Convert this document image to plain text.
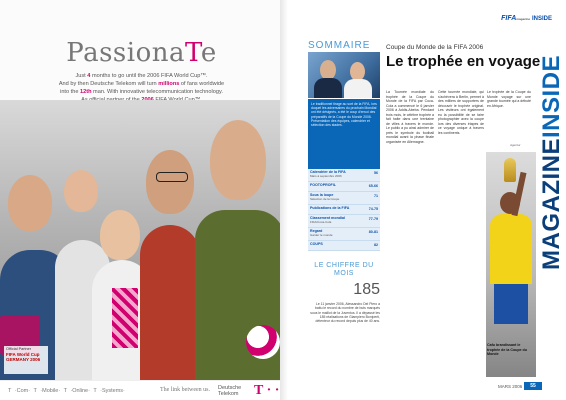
PassionaTe
Just 4 months to go until the 2006 FIFA World Cup™.
And by then Deutsche Telekom will turn millions of fans worldwide
into the 12th man. With innovative telecommunication technology.
Official Partner
FIFA World Cup GERMANY 2006
T ·Com· T ·Mobile· T ·Online· T ·Systems·	The link between us. Deutsche
Telekom T · ·
FIFAmagazine INSIDE
MAGAZINEINSIDE
SOMMAIRE
Le traditionnel tirage au sort de la FIFA, lors duquel les adversaires du prochain Mondial ont été désignés, a été le coup d'envoi des préparatifs de la Coupe du Monde 2006. Présentation des équipes, calendrier et sélection des stades.
Calendrier de la FIFA
Mars à septembre 2006
56
FOOTOPROFIL	65-66
Sous la loupe
Sélection de la Coupe
71
Publications de la FIFA	74-75
Classement mondial
FIFA/Coca-Cola
77-79
Regard
Garder le monde
80-81
COUPS	82
LE CHIFFRE DU MOIS
185
Le 11 janvier 2006, Alessandro Del Piero a battu le record du nombre de buts marqués sous le maillot de la Juventus. Il a dépassé les 185 réalisations de Giampiero Boniperti, détenteur du record depuis plus de 40 ans.
Coupe du Monde de la FIFA 2006
Le trophée en voyage
La Tournée mondiale du trophée de la Coupe du Monde de la FIFA par Coca-Cola a commencé le 6 janvier 2006 à Addis-Abeba. Pendant trois mois, le célèbre trophée a fait halte dans une trentaine de villes à travers le monde. Le public a pu ainsi admirer de près le symbole du football mondial avant la phase finale organisée en Allemagne.
Cette tournée mondiale, qui s'achèvera à Berlin, permet à des milliers de supporters de découvrir le trophée original. Les visiteurs ont également eu la possibilité de se faire photographier avec la coupe lors des diverses étapes de ce voyage unique à travers les continents.
Le trophée de la Coupe du Monde voyage sur une grande tournée qui a débuté en Afrique.
Agentur
Cafu brandissant le trophée de la Coupe du Monde
MARS 2006	55
